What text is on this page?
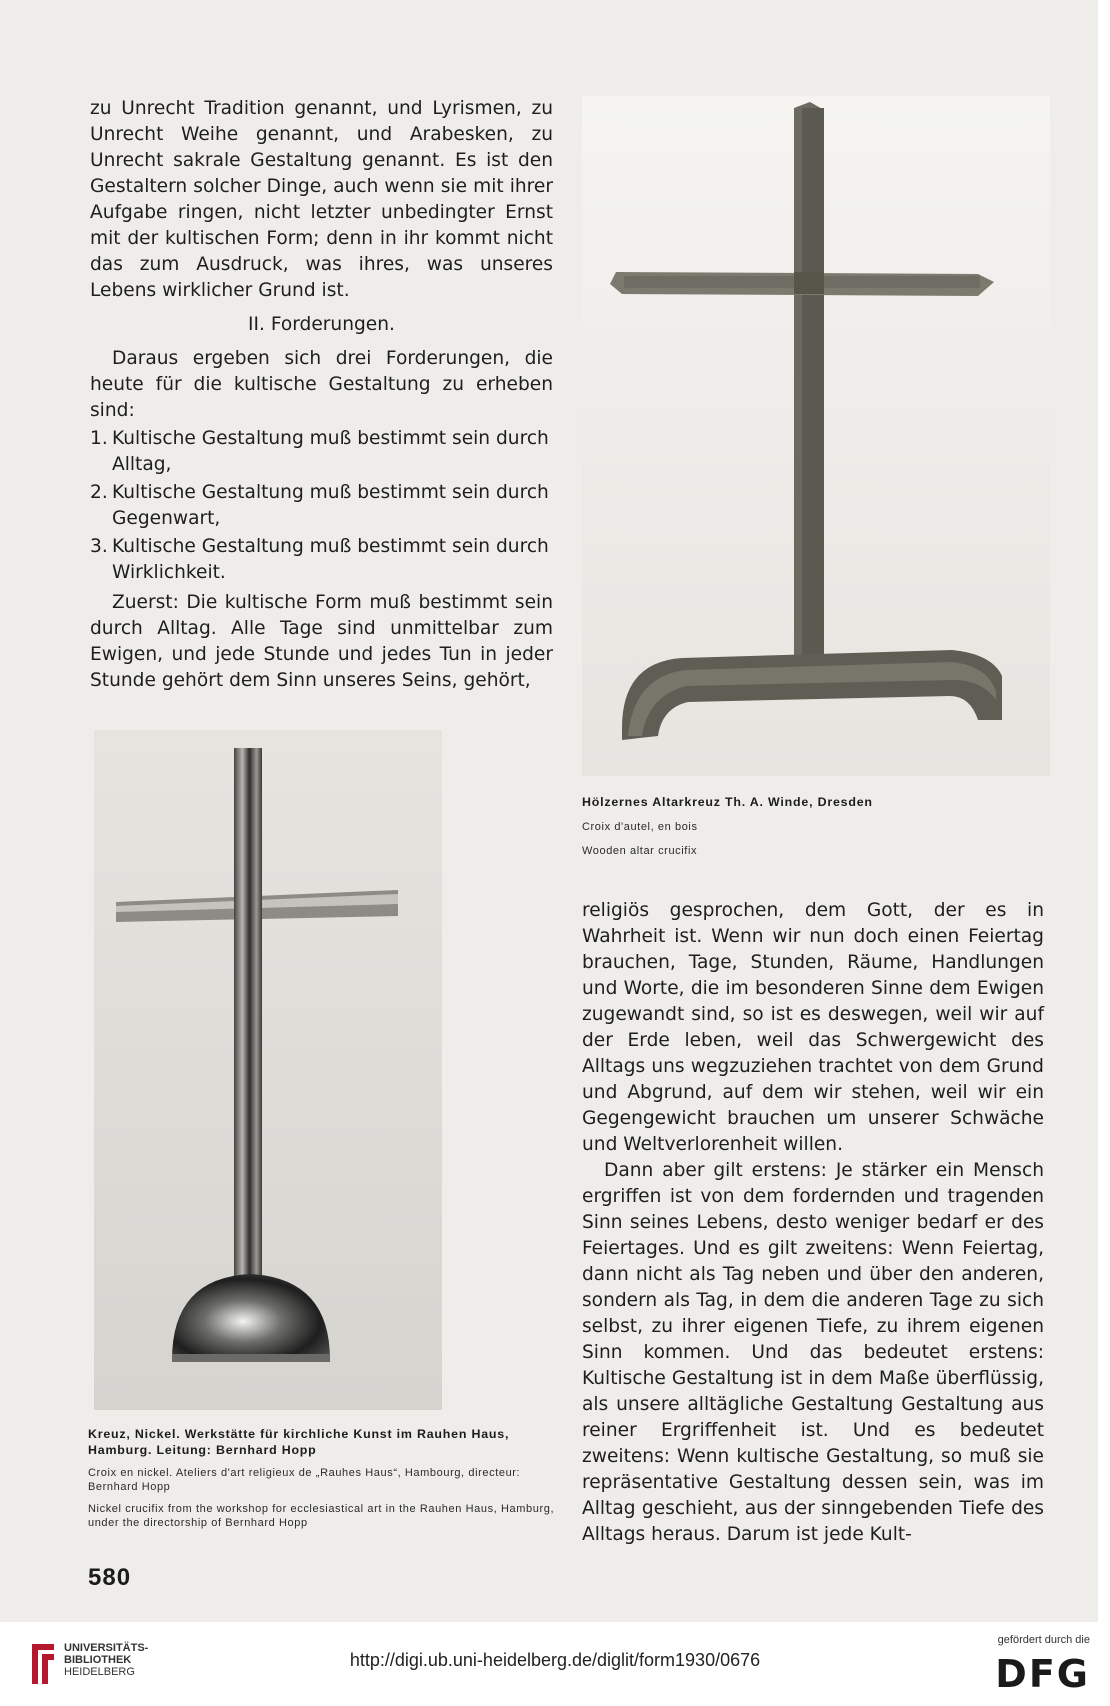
zu Unrecht Tradition genannt, und Lyrismen, zu Unrecht Weihe genannt, und Arabesken, zu Unrecht sakrale Gestaltung genannt. Es ist den Gestaltern solcher Dinge, auch wenn sie mit ihrer Aufgabe ringen, nicht letzter unbedingter Ernst mit der kultischen Form; denn in ihr kommt nicht das zum Ausdruck, was ihres, was unseres Lebens wirklicher Grund ist.

II. Forderungen.

Daraus ergeben sich drei Forderungen, die heute für die kultische Gestaltung zu erheben sind:

1. Kultische Gestaltung muß bestimmt sein durch Alltag,
2. Kultische Gestaltung muß bestimmt sein durch Gegenwart,
3. Kultische Gestaltung muß bestimmt sein durch Wirklichkeit.

Zuerst: Die kultische Form muß bestimmt sein durch Alltag. Alle Tage sind unmittelbar zum Ewigen, und jede Stunde und jedes Tun in jeder Stunde gehört dem Sinn unseres Seins, gehört,

Hölzernes Altarkreuz Th. A. Winde, Dresden

Croix d'autel, en bois

Wooden altar crucifix

Kreuz, Nickel. Werkstätte für kirchliche Kunst im Rauhen Haus, Hamburg. Leitung: Bernhard Hopp

Croix en nickel. Ateliers d'art religieux de „Rauhes Haus“, Hambourg, directeur: Bernhard Hopp

Nickel crucifix from the workshop for ecclesiastical art in the Rauhen Haus, Hamburg, under the directorship of Bernhard Hopp

religiös gesprochen, dem Gott, der es in Wahrheit ist. Wenn wir nun doch einen Feiertag brauchen, Tage, Stunden, Räume, Handlungen und Worte, die im besonderen Sinne dem Ewigen zugewandt sind, so ist es deswegen, weil wir auf der Erde leben, weil das Schwergewicht des Alltags uns wegzuziehen trachtet von dem Grund und Abgrund, auf dem wir stehen, weil wir ein Gegengewicht brauchen um unserer Schwäche und Weltverlorenheit willen.

Dann aber gilt erstens: Je stärker ein Mensch ergriffen ist von dem fordernden und tragenden Sinn seines Lebens, desto weniger bedarf er des Feiertages. Und es gilt zweitens: Wenn Feiertag, dann nicht als Tag neben und über den anderen, sondern als Tag, in dem die anderen Tage zu sich selbst, zu ihrer eigenen Tiefe, zu ihrem eigenen Sinn kommen. Und das bedeutet erstens: Kultische Gestaltung ist in dem Maße überflüssig, als unsere alltägliche Gestaltung Gestaltung aus reiner Ergriffenheit ist. Und es bedeutet zweitens: Wenn kultische Gestaltung, so muß sie repräsentative Gestaltung dessen sein, was im Alltag geschieht, aus der sinngebenden Tiefe des Alltags heraus. Darum ist jede Kult-

580
UNIVERSITÄTS-
BIBLIOTHEK
HEIDELBERG
http://digi.ub.uni-heidelberg.de/diglit/form1930/0676
gefördert durch die
DFG
